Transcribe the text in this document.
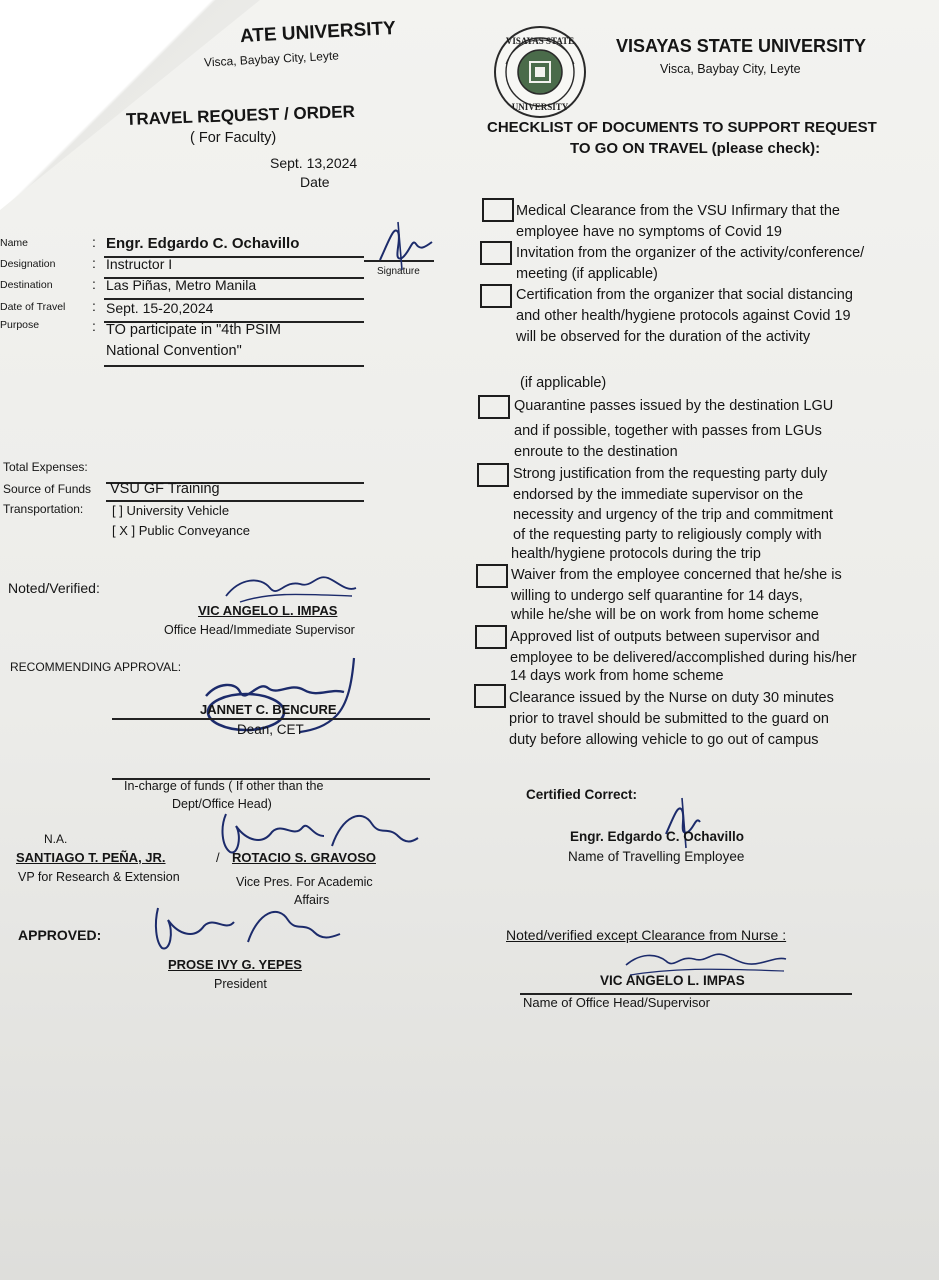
ATE UNIVERSITY
Visca, Baybay City, Leyte
TRAVEL REQUEST / ORDER
( For Faculty)
Sept. 13,2024
Date
Name
Designation
Destination
Date of Travel
Purpose
:
:
:
:
:
Engr. Edgardo C. Ochavillo
Instructor I
Las Piñas, Metro Manila
Sept. 15-20,2024
TO participate in "4th PSIM
National Convention"
Signature
Total Expenses:
Source of Funds VSU GF Training
Transportation: [ ] University Vehicle
[ X ] Public Conveyance
Noted/Verified:
VIC ANGELO L. IMPAS
Office Head/Immediate Supervisor
RECOMMENDING APPROVAL:
JANNET C. BENCURE
Dean, CET
In-charge of funds ( If other than the
Dept/Office Head)
N.A.
SANTIAGO T. PEÑA, JR.	/ ROTACIO S. GRAVOSO
VP for Research & Extension	Vice Pres. For Academic
Affairs
APPROVED:
PROSE IVY G. YEPES
President
VISAYAS STATE
UNIVERSITY
VISAYAS STATE UNIVERSITY
Visca, Baybay City, Leyte
CHECKLIST OF DOCUMENTS TO SUPPORT REQUEST
TO GO ON TRAVEL (please check):
Medical Clearance from the VSU Infirmary that the
employee have no symptoms of Covid 19
Invitation from the organizer of the activity/conference/
meeting (if applicable)
Certification from the organizer that social distancing
and other health/hygiene protocols against Covid 19
will be observed for the duration of the activity
(if applicable)
Quarantine passes issued by the destination LGU
and if possible, together with passes from LGUs
enroute to the destination
Strong justification from the requesting party duly
endorsed by the immediate supervisor on the
necessity and urgency of the trip and commitment
of the requesting party to religiously comply with
health/hygiene protocols during the trip
Waiver from the employee concerned that he/she is
willing to undergo self quarantine for 14 days,
while he/she will be on work from home scheme
Approved list of outputs between supervisor and
employee to be delivered/accomplished during his/her
14 days work from home scheme
Clearance issued by the Nurse on duty 30 minutes
prior to travel should be submitted to the guard on
duty before allowing vehicle to go out of campus
Certified Correct:
Engr. Edgardo C. Ochavillo
Name of Travelling Employee
Noted/verified except Clearance from Nurse :
VIC ANGELO L. IMPAS
Name of Office Head/Supervisor
